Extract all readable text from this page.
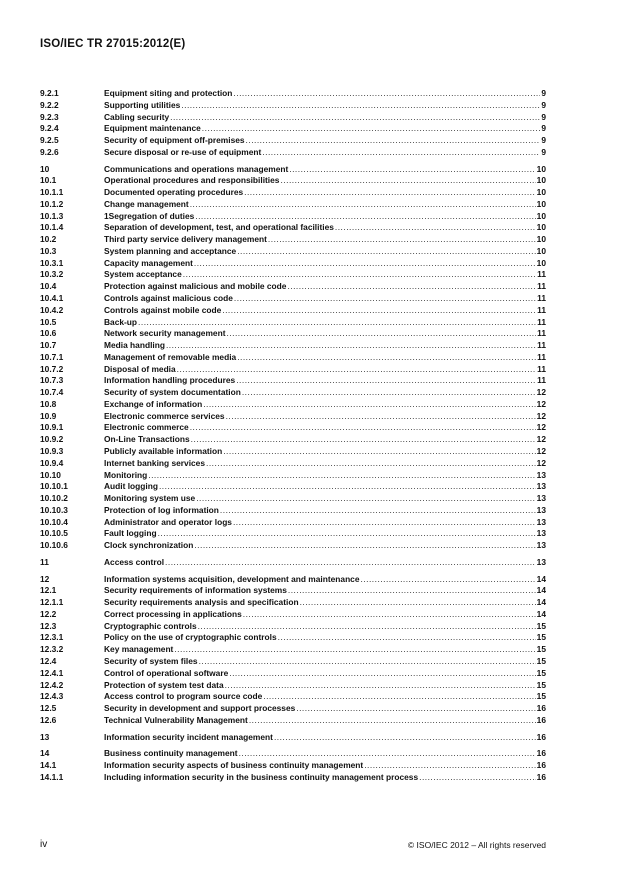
ISO/IEC TR 27015:2012(E)
9.2.1	Equipment siting and protection .....	9
9.2.2	Supporting utilities .....	9
9.2.3	Cabling security .....	9
9.2.4	Equipment maintenance .....	9
9.2.5	Security of equipment off-premises .....	9
9.2.6	Secure disposal or re-use of equipment .....	9
10	Communications and operations management .....	10
10.1	Operational procedures and responsibilities .....	10
10.1.1	Documented operating procedures .....	10
10.1.2	Change management .....	10
10.1.3	1Segregation of duties .....	10
10.1.4	Separation of development, test, and operational facilities .....	10
10.2	Third party service delivery management .....	10
10.3	System planning and acceptance .....	10
10.3.1	Capacity management .....	10
10.3.2	System acceptance .....	11
10.4	Protection against malicious and mobile code .....	11
10.4.1	Controls against malicious code .....	11
10.4.2	Controls against mobile code .....	11
10.5	Back-up .....	11
10.6	Network security management .....	11
10.7	Media handling .....	11
10.7.1	Management of removable media .....	11
10.7.2	Disposal of media .....	11
10.7.3	Information handling procedures .....	11
10.7.4	Security of system documentation .....	12
10.8	Exchange of information .....	12
10.9	Electronic commerce services .....	12
10.9.1	Electronic commerce .....	12
10.9.2	On-Line Transactions .....	12
10.9.3	Publicly available information .....	12
10.9.4	Internet banking services .....	12
10.10	Monitoring .....	13
10.10.1	Audit logging .....	13
10.10.2	Monitoring system use .....	13
10.10.3	Protection of log information .....	13
10.10.4	Administrator and operator logs .....	13
10.10.5	Fault logging .....	13
10.10.6	Clock synchronization .....	13
11	Access control .....	13
12	Information systems acquisition, development and maintenance .....	14
12.1	Security requirements of information systems .....	14
12.1.1	Security requirements analysis and specification .....	14
12.2	Correct processing in applications .....	14
12.3	Cryptographic controls .....	15
12.3.1	Policy on the use of cryptographic controls .....	15
12.3.2	Key management .....	15
12.4	Security of system files .....	15
12.4.1	Control of operational software .....	15
12.4.2	Protection of system test data .....	15
12.4.3	Access control to program source code .....	15
12.5	Security in development and support processes .....	16
12.6	Technical Vulnerability Management .....	16
13	Information security incident management .....	16
14	Business continuity management .....	16
14.1	Information security aspects of business continuity management .....	16
14.1.1	Including information security in the business continuity management process .....	16
iv	© ISO/IEC 2012 – All rights reserved
